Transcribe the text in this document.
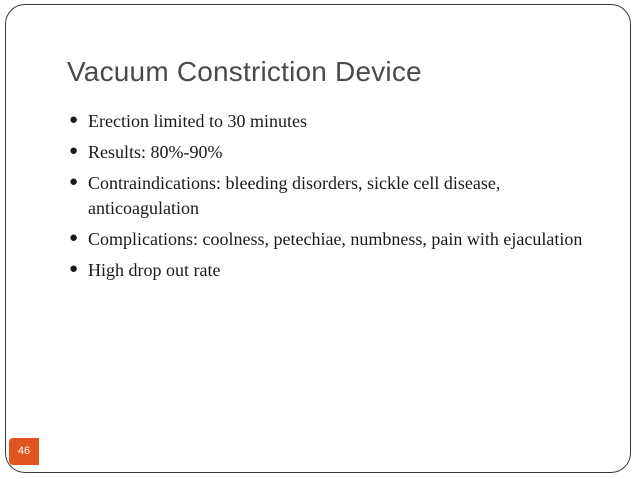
Vacuum Constriction Device
● Erection limited to 30 minutes
● Results: 80%-90%
● Contraindications: bleeding disorders, sickle cell disease, anticoagulation
● Complications: coolness, petechiae, numbness, pain with ejaculation
● High drop out rate
46
